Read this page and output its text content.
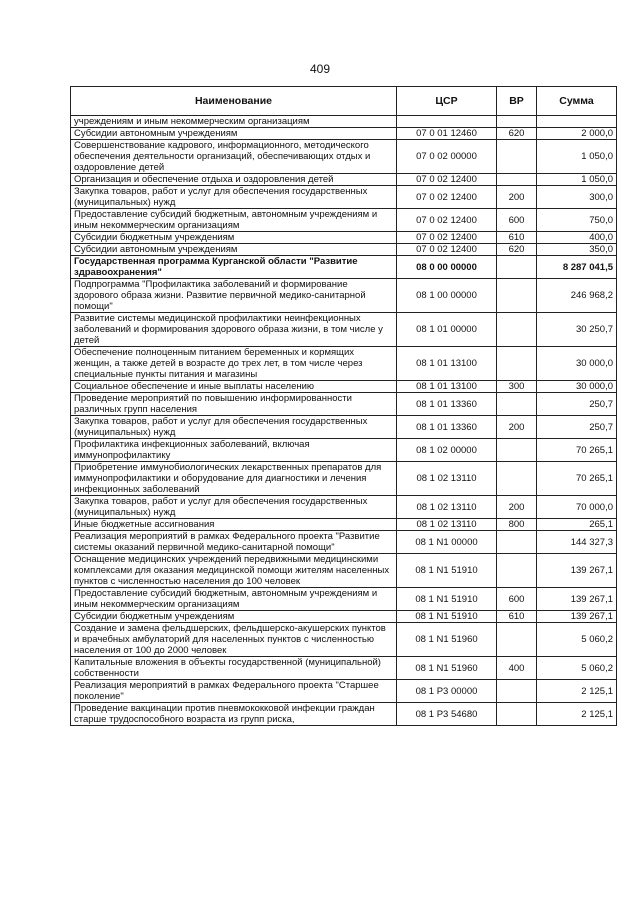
409
Наименование	ЦСР	ВР	Сумма
учреждениям и иным некоммерческим организациям			
Субсидии автономным учреждениям	07 0 01 12460	620	2 000,0
Совершенствование кадрового, информационного, методического обеспечения деятельности организаций, обеспечивающих отдых и оздоровление детей	07 0 02 00000		1 050,0
Организация и обеспечение отдыха и оздоровления детей	07 0 02 12400		1 050,0
Закупка товаров, работ и услуг для обеспечения государственных (муниципальных) нужд	07 0 02 12400	200	300,0
Предоставление субсидий бюджетным, автономным учреждениям и иным некоммерческим организациям	07 0 02 12400	600	750,0
Субсидии бюджетным учреждениям	07 0 02 12400	610	400,0
Субсидии автономным учреждениям	07 0 02 12400	620	350,0
Государственная программа Курганской области "Развитие здравоохранения"	08 0 00 00000		8 287 041,5
Подпрограмма "Профилактика заболеваний и формирование здорового образа жизни. Развитие первичной медико-санитарной помощи"	08 1 00 00000		246 968,2
Развитие системы медицинской профилактики неинфекционных заболеваний и формирования здорового образа жизни, в том числе у детей	08 1 01 00000		30 250,7
Обеспечение полноценным питанием беременных и кормящих женщин, а также детей в возрасте до трех лет, в том числе через специальные пункты питания и магазины	08 1 01 13100		30 000,0
Социальное обеспечение и иные выплаты населению	08 1 01 13100	300	30 000,0
Проведение мероприятий по повышению информированности различных групп населения	08 1 01 13360		250,7
Закупка товаров, работ и услуг для обеспечения государственных (муниципальных) нужд	08 1 01 13360	200	250,7
Профилактика инфекционных заболеваний, включая иммунопрофилактику	08 1 02 00000		70 265,1
Приобретение иммунобиологических лекарственных препаратов для иммунопрофилактики и оборудование для диагностики и лечения инфекционных заболеваний	08 1 02 13110		70 265,1
Закупка товаров, работ и услуг для обеспечения государственных (муниципальных) нужд	08 1 02 13110	200	70 000,0
Иные бюджетные ассигнования	08 1 02 13110	800	265,1
Реализация мероприятий в рамках Федерального проекта "Развитие системы оказаний первичной медико-санитарной помощи"	08 1 N1 00000		144 327,3
Оснащение медицинских учреждений передвижными медицинскими комплексами для оказания медицинской помощи жителям населенных пунктов с численностью населения до 100 человек	08 1 N1 51910		139 267,1
Предоставление субсидий бюджетным, автономным учреждениям и иным некоммерческим организациям	08 1 N1 51910	600	139 267,1
Субсидии бюджетным учреждениям	08 1 N1 51910	610	139 267,1
Создание и замена фельдшерских, фельдшерско-акушерских пунктов и врачебных амбулаторий для населенных пунктов с численностью населения от 100 до 2000 человек	08 1 N1 51960		5 060,2
Капитальные вложения в объекты государственной (муниципальной) собственности	08 1 N1 51960	400	5 060,2
Реализация мероприятий в рамках Федерального проекта "Старшее поколение"	08 1 P3 00000		2 125,1
Проведение вакцинации против пневмококковой инфекции граждан старше трудоспособного возраста из групп риска,	08 1 P3 54680		2 125,1
